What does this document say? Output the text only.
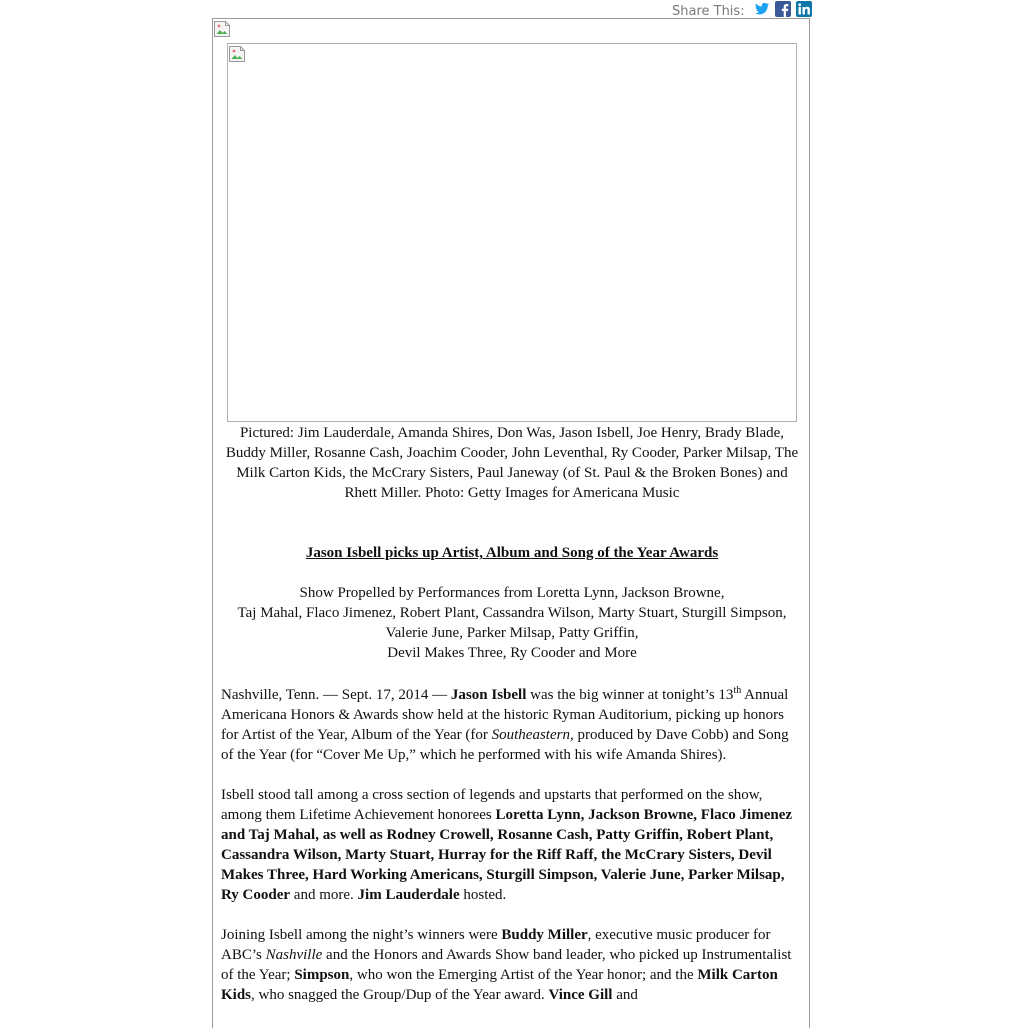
Share This:

Pictured: Jim Lauderdale, Amanda Shires, Don Was, Jason Isbell, Joe Henry, Brady Blade, Buddy Miller, Rosanne Cash, Joachim Cooder, John Leventhal, Ry Cooder, Parker Milsap, The Milk Carton Kids, the McCrary Sisters, Paul Janeway (of St. Paul & the Broken Bones) and Rhett Miller. Photo: Getty Images for Americana Music

Jason Isbell picks up Artist, Album and Song of the Year Awards

Show Propelled by Performances from Loretta Lynn, Jackson Browne,
Taj Mahal, Flaco Jimenez, Robert Plant, Cassandra Wilson, Marty Stuart, Sturgill Simpson,
Valerie June, Parker Milsap, Patty Griffin,
Devil Makes Three, Ry Cooder and More

Nashville, Tenn. — Sept. 17, 2014 — Jason Isbell was the big winner at tonight’s 13th Annual Americana Honors & Awards show held at the historic Ryman Auditorium, picking up honors for Artist of the Year, Album of the Year (for Southeastern, produced by Dave Cobb) and Song of the Year (for “Cover Me Up,” which he performed with his wife Amanda Shires).

Isbell stood tall among a cross section of legends and upstarts that performed on the show, among them Lifetime Achievement honorees Loretta Lynn, Jackson Browne, Flaco Jimenez and Taj Mahal, as well as Rodney Crowell, Rosanne Cash, Patty Griffin, Robert Plant, Cassandra Wilson, Marty Stuart, Hurray for the Riff Raff, the McCrary Sisters, Devil Makes Three, Hard Working Americans, Sturgill Simpson, Valerie June, Parker Milsap, Ry Cooder and more. Jim Lauderdale hosted.

Joining Isbell among the night’s winners were Buddy Miller, executive music producer for ABC’s Nashville and the Honors and Awards Show band leader, who picked up Instrumentalist of the Year; Simpson, who won the Emerging Artist of the Year honor; and the Milk Carton Kids, who snagged the Group/Dup of the Year award. Vince Gill and
